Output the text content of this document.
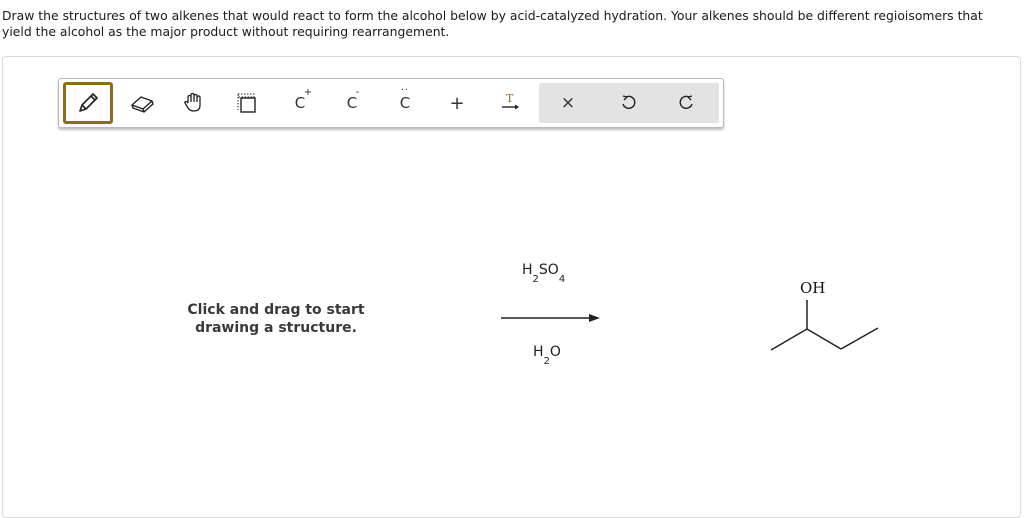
Draw the structures of two alkenes that would react to form the alcohol below by acid-catalyzed hydration. Your alkenes should be different regioisomers that yield the alcohol as the major product without requiring rearrangement.
C
+
C
-	··
C +	T	×
Click and drag to start
drawing a structure.
$H_2SO_4$
$H_2O$
OH
